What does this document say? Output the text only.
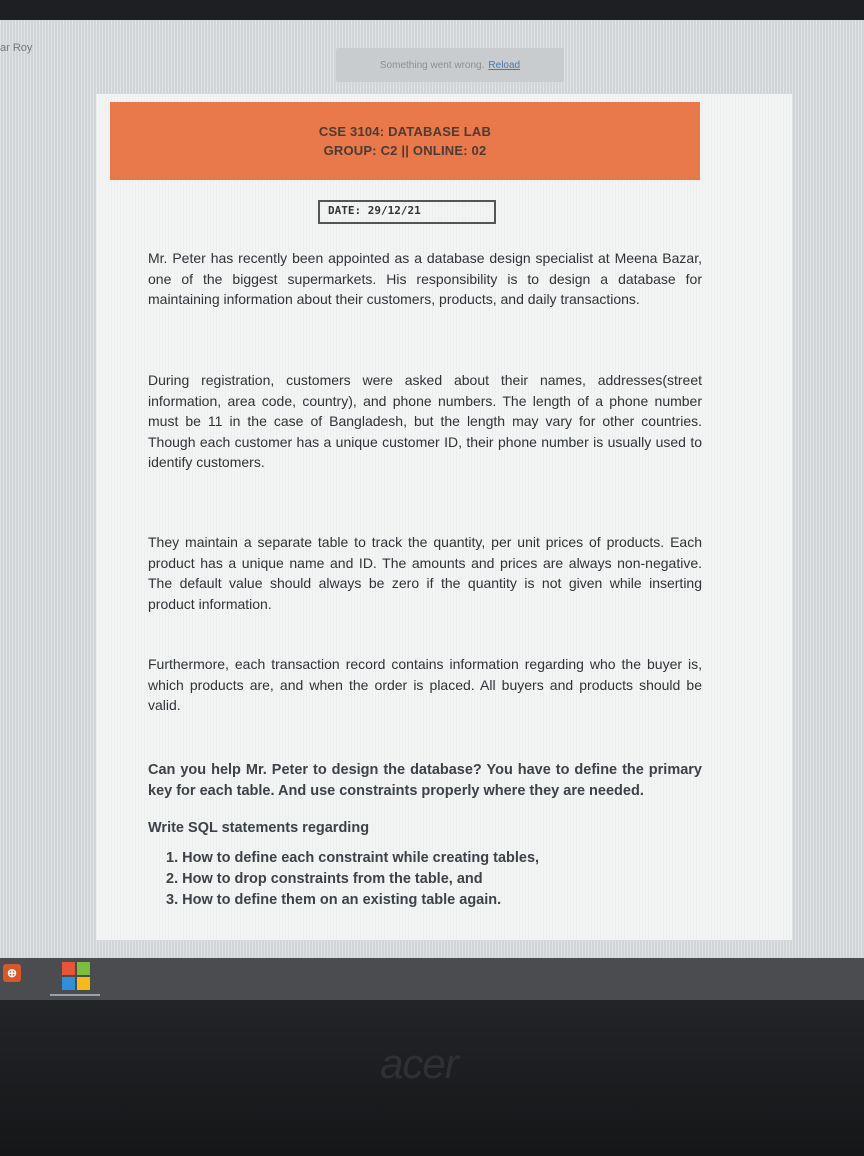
ar Roy
Something went wrong. Reload
CSE 3104: DATABASE LAB
GROUP: C2 || ONLINE: 02
DATE: 29/12/21
Mr. Peter has recently been appointed as a database design specialist at Meena Bazar, one of the biggest supermarkets. His responsibility is to design a database for maintaining information about their customers, products, and daily transactions.
During registration, customers were asked about their names, addresses(street information, area code, country), and phone numbers. The length of a phone number must be 11 in the case of Bangladesh, but the length may vary for other countries. Though each customer has a unique customer ID, their phone number is usually used to identify customers.
They maintain a separate table to track the quantity, per unit prices of products. Each product has a unique name and ID. The amounts and prices are always non-negative. The default value should always be zero if the quantity is not given while inserting product information.
Furthermore, each transaction record contains information regarding who the buyer is, which products are, and when the order is placed. All buyers and products should be valid.
Can you help Mr. Peter to design the database? You have to define the primary key for each table. And use constraints properly where they are needed.
Write SQL statements regarding
1. How to define each constraint while creating tables,
2. How to drop constraints from the table, and
3. How to define them on an existing table again.
⊕
acer
